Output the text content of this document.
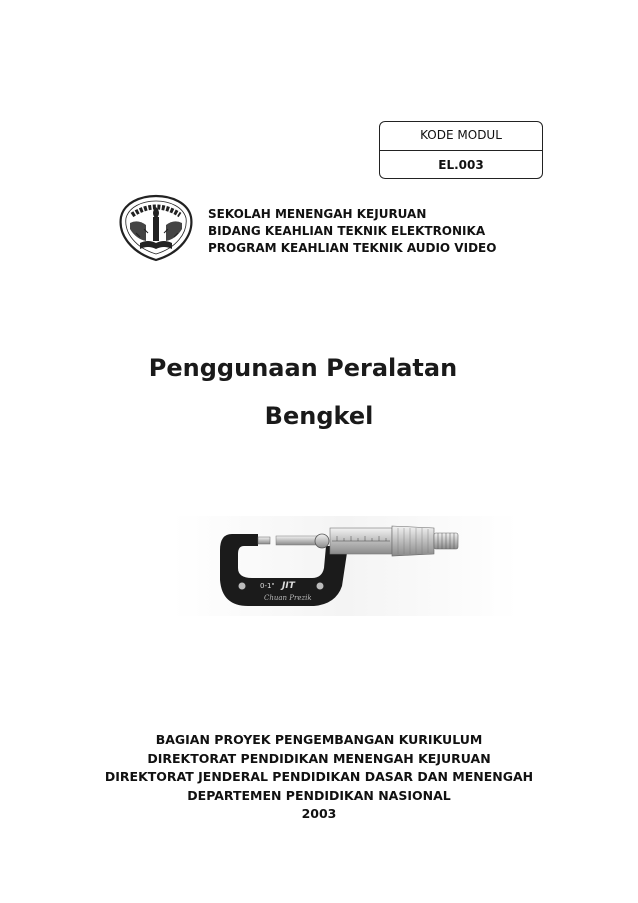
KODE MODUL
EL.003
SEKOLAH MENENGAH KEJURUAN
BIDANG KEAHLIAN TEKNIK ELEKTRONIKA
PROGRAM KEAHLIAN TEKNIK AUDIO VIDEO
Penggunaan Peralatan
Bengkel
0-1" JIT
Chuan Prezik
BAGIAN PROYEK PENGEMBANGAN KURIKULUM
DIREKTORAT PENDIDIKAN MENENGAH KEJURUAN
DIREKTORAT JENDERAL PENDIDIKAN DASAR DAN MENENGAH
DEPARTEMEN PENDIDIKAN NASIONAL
2003
